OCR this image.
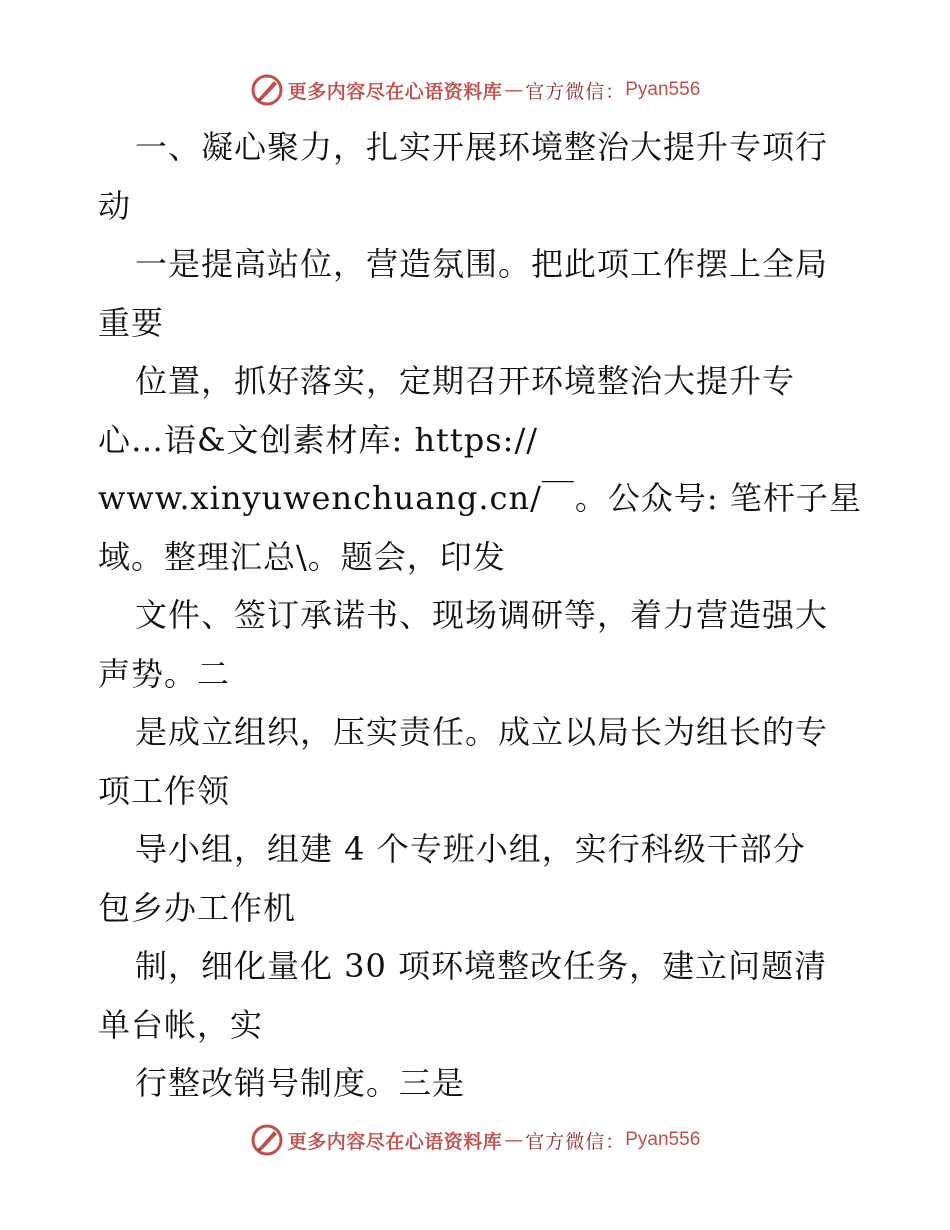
更多内容尽在心语资料库 — 官方微信： Pyan556
一、凝心聚力，扎实开展环境整治大提升专项行
动
一是提高站位，营造氛围。把此项工作摆上全局
重要
位置，抓好落实，定期召开环境整治大提升专
心…语&文创素材库: https://
www.xinyuwenchuang.cn/￣。公众号: 笔杆子星
域。整理汇总\。题会，印发
文件、签订承诺书、现场调研等，着力营造强大
声势。二
是成立组织，压实责任。成立以局长为组长的专
项工作领
导小组，组建 4 个专班小组，实行科级干部分
包乡办工作机
制，细化量化 30 项环境整改任务，建立问题清
单台帐，实
行整改销号制度。三是
更多内容尽在心语资料库 — 官方微信： Pyan556
